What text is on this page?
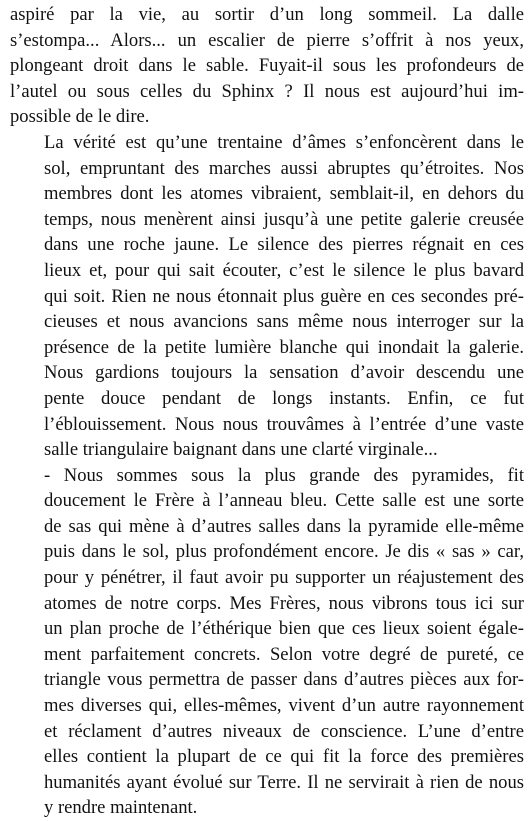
aspiré par la vie, au sortir d’un long sommeil. La dalle
s’estompa... Alors... un escalier de pierre s’offrit à nos yeux,
plongeant droit dans le sable. Fuyait-il sous les profondeurs de
l’autel ou sous celles du Sphinx ? Il nous est aujourd’hui im-
possible de le dire.
La vérité est qu’une trentaine d’âmes s’enfoncèrent dans le
sol, empruntant des marches aussi abruptes qu’étroites. Nos
membres dont les atomes vibraient, semblait-il, en dehors du
temps, nous menèrent ainsi jusqu’à une petite galerie creusée
dans une roche jaune. Le silence des pierres régnait en ces
lieux et, pour qui sait écouter, c’est le silence le plus bavard
qui soit. Rien ne nous étonnait plus guère en ces secondes pré-
cieuses et nous avancions sans même nous interroger sur la
présence de la petite lumière blanche qui inondait la galerie.
Nous gardions toujours la sensation d’avoir descendu une
pente douce pendant de longs instants. Enfin, ce fut
l’éblouissement. Nous nous trouvâmes à l’entrée d’une vaste
salle triangulaire baignant dans une clarté virginale...
- Nous sommes sous la plus grande des pyramides, fit
doucement le Frère à l’anneau bleu. Cette salle est une sorte
de sas qui mène à d’autres salles dans la pyramide elle-même
puis dans le sol, plus profondément encore. Je dis « sas » car,
pour y pénétrer, il faut avoir pu supporter un réajustement des
atomes de notre corps. Mes Frères, nous vibrons tous ici sur
un plan proche de l’éthérique bien que ces lieux soient égale-
ment parfaitement concrets. Selon votre degré de pureté, ce
triangle vous permettra de passer dans d’autres pièces aux for-
mes diverses qui, elles-mêmes, vivent d’un autre rayonnement
et réclament d’autres niveaux de conscience. L’une d’entre
elles contient la plupart de ce qui fit la force des premières
humanités ayant évolué sur Terre. Il ne servirait à rien de nous
y rendre maintenant.
